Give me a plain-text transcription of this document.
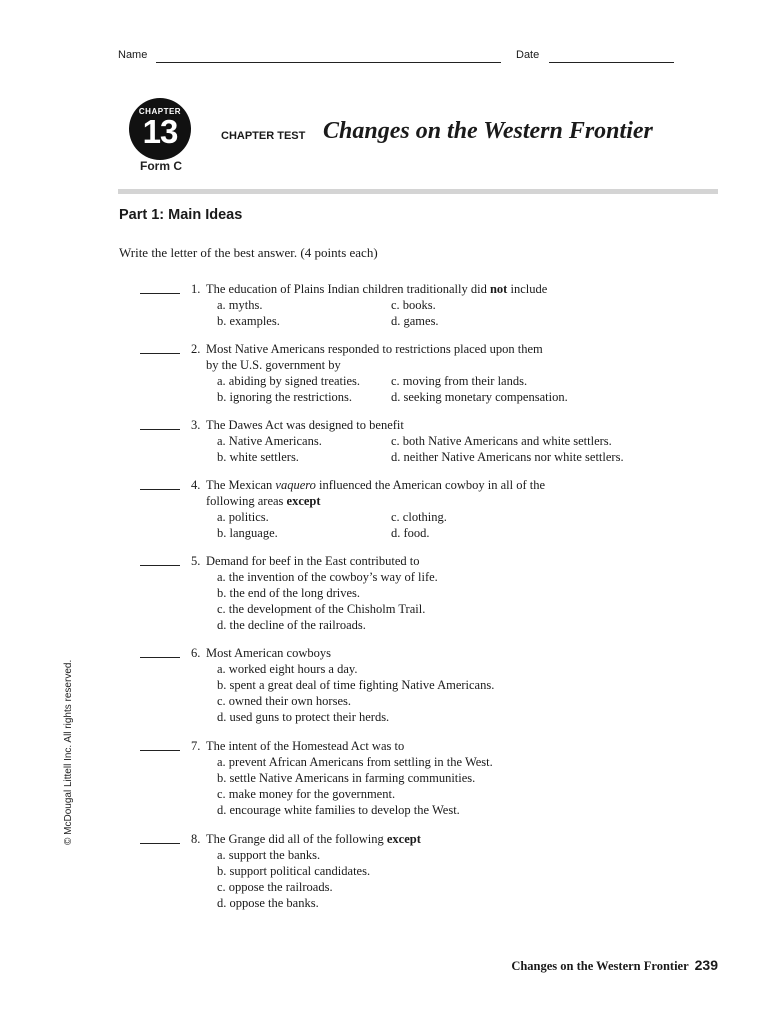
Name	Date
CHAPTER
13
Form C
CHAPTER TEST Changes on the Western Frontier
Part 1: Main Ideas
Write the letter of the best answer. (4 points each)
1. The education of Plains Indian children traditionally did not include
a. myths.	c. books.
b. examples.	d. games.
2. Most Native Americans responded to restrictions placed upon them
by the U.S. government by
a. abiding by signed treaties. c. moving from their lands.
b. ignoring the restrictions.	d. seeking monetary compensation.
3. The Dawes Act was designed to benefit
a. Native Americans.	c. both Native Americans and white settlers.
b. white settlers.	d. neither Native Americans nor white settlers.
4. The Mexican vaquero influenced the American cowboy in all of the
following areas except
a. politics.	c. clothing.
b. language.	d. food.
5. Demand for beef in the East contributed to
a. the invention of the cowboy’s way of life.
b. the end of the long drives.
c. the development of the Chisholm Trail.
d. the decline of the railroads.
6. Most American cowboys
a. worked eight hours a day.
b. spent a great deal of time fighting Native Americans.
c. owned their own horses.
d. used guns to protect their herds.
7. The intent of the Homestead Act was to
a. prevent African Americans from settling in the West.
b. settle Native Americans in farming communities.
c. make money for the government.
d. encourage white families to develop the West.
8. The Grange did all of the following except
a. support the banks.
b. support political candidates.
c. oppose the railroads.
d. oppose the banks.
© McDougal Littell Inc. All rights reserved.
Changes on the Western Frontier 239
